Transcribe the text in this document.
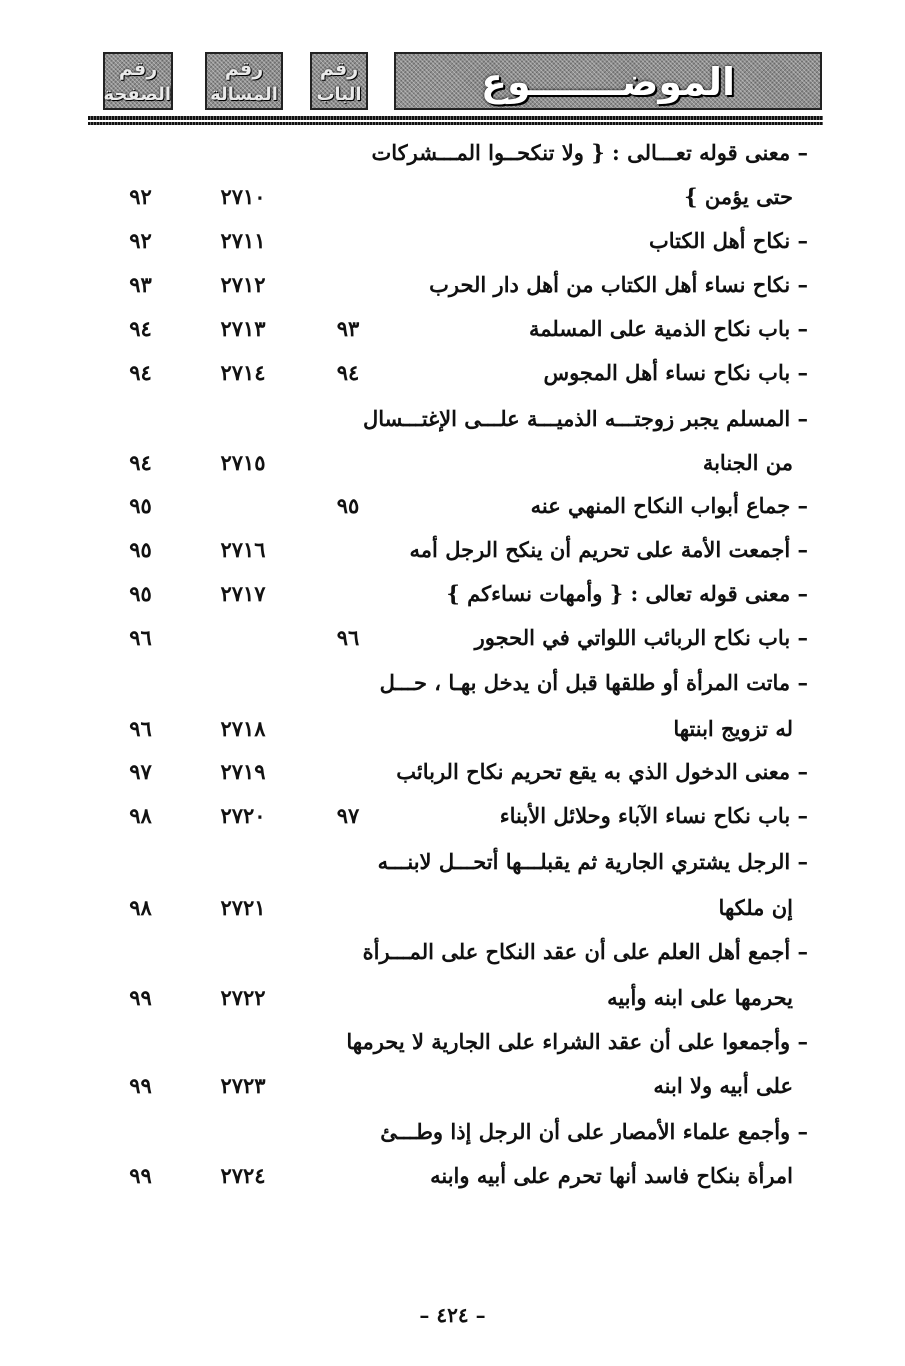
رقم
الصفحة
رقم
المسالة
رقم
الباب	الموضـــــــوع
– معنى قوله تعـــالى : { ولا تنكحــوا المـــشركات
حتى يؤمن }
٢٧١٠
٩٢
– نكاح أهل الكتاب
٢٧١١
٩٢
– نكاح نساء أهل الكتاب من أهل دار الحرب
٢٧١٢
٩٣
– باب نكاح الذمية على المسلمة
٩٣
٢٧١٣
٩٤
– باب نكاح نساء أهل المجوس
٩٤
٢٧١٤
٩٤
– المسلم يجبر زوجتـــه الذميـــة علـــى الإغتـــسال
من الجنابة
٢٧١٥
٩٤
– جماع أبواب النكاح المنهي عنه
٩٥
٩٥
– أجمعت الأمة على تحريم أن ينكح الرجل أمه
٢٧١٦
٩٥
– معنى قوله تعالى : { وأمهات نساءكم }
٢٧١٧
٩٥
– باب نكاح الربائب اللواتي في الحجور
٩٦
٩٦
– ماتت المرأة أو طلقها قبل أن يدخل بهـا ، حـــل
له تزويج ابنتها
٢٧١٨
٩٦
– معنى الدخول الذي به يقع تحريم نكاح الربائب
٢٧١٩
٩٧
– باب نكاح نساء الآباء وحلائل الأبناء
٩٧
٢٧٢٠
٩٨
– الرجل يشتري الجارية ثم يقبلـــها أتحـــل لابنـــه
إن ملكها
٢٧٢١
٩٨
– أجمع أهل العلم على أن عقد النكاح على المـــرأة
يحرمها على ابنه وأبيه
٢٧٢٢
٩٩
– وأجمعوا على أن عقد الشراء على الجارية لا يحرمها
على أبيه ولا ابنه
٢٧٢٣
٩٩
– وأجمع علماء الأمصار على أن الرجل إذا وطـــئ
امرأة بنكاح فاسد أنها تحرم على أبيه وابنه
٢٧٢٤
٩٩
– ٤٢٤ –
